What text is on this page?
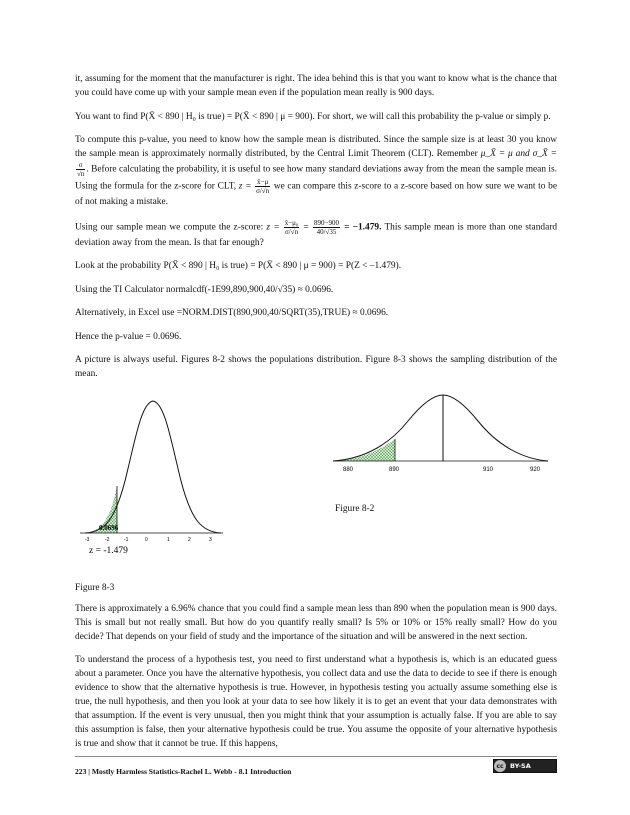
it, assuming for the moment that the manufacturer is right. The idea behind this is that you want to know what is the chance that you could have come up with your sample mean even if the population mean really is 900 days.

You want to find P(X̄ < 890 | H₀ is true) = P(X̄ < 890 | μ = 900). For short, we will call this probability the p-value or simply p.

To compute this p-value, you need to know how the sample mean is distributed. Since the sample size is at least 30 you know the sample mean is approximately normally distributed, by the Central Limit Theorem (CLT). Remember μ_X̄ = μ and σ_X̄ =
$\frac{\sigma}{√n}$ . Before calculating the probability, it is useful to see how many standard deviations away from the mean the sample mean is. Using the formula for the z-score for CLT, $z = \frac{x̄-\mu}{\sigma/√n}$ we can compare this z-score to a z-score based on how sure we want to be of not making a mistake.

Using our sample mean we compute the z-score: $z = \frac{\text{x̄−μ₀}}{\sigma/√n} = \frac{890-900}{40/√35} = -1.479$. This sample mean is more than one standard deviation away from the mean. Is that far enough?

Look at the probability P(X̄ < 890 | H₀ is true) = P(X̄ < 890 | μ = 900) = P(Z < –1.479).

Using the TI Calculator normalcdf(-1E99,890,900,40/√35) ≈ 0.0696.

Alternatively, in Excel use =NORM.DIST(890,900,40/SQRT(35),TRUE) ≈ 0.0696.

Hence the p-value = 0.0696.

A picture is always useful. Figures 8-2 shows the populations distribution. Figure 8-3 shows the sampling distribution of the mean.

0.0696
-3	-2	-1	0	1	2	3
z = -1.479
880	890	910	920
Figure 8-2
Figure 8-3

There is approximately a 6.96% chance that you could find a sample mean less than 890 when the population mean is 900 days. This is small but not really small. But how do you quantify really small? Is 5% or 10% or 15% really small? How do you decide? That depends on your field of study and the importance of the situation and will be answered in the next section.

To understand the process of a hypothesis test, you need to first understand what a hypothesis is, which is an educated guess about a parameter. Once you have the alternative hypothesis, you collect data and use the data to decide to see if there is enough evidence to show that the alternative hypothesis is true. However, in hypothesis testing you actually assume something else is true, the null hypothesis, and then you look at your data to see how likely it is to get an event that your data demonstrates with that assumption. If the event is very unusual, then you might think that your assumption is actually false. If you are able to say this assumption is false, then your alternative hypothesis could be true. You assume the opposite of your alternative hypothesis is true and show that it cannot be true. If this happens,

223 | Mostly Harmless Statistics-Rachel L. Webb - 8.1 Introduction
cc BY-SA
